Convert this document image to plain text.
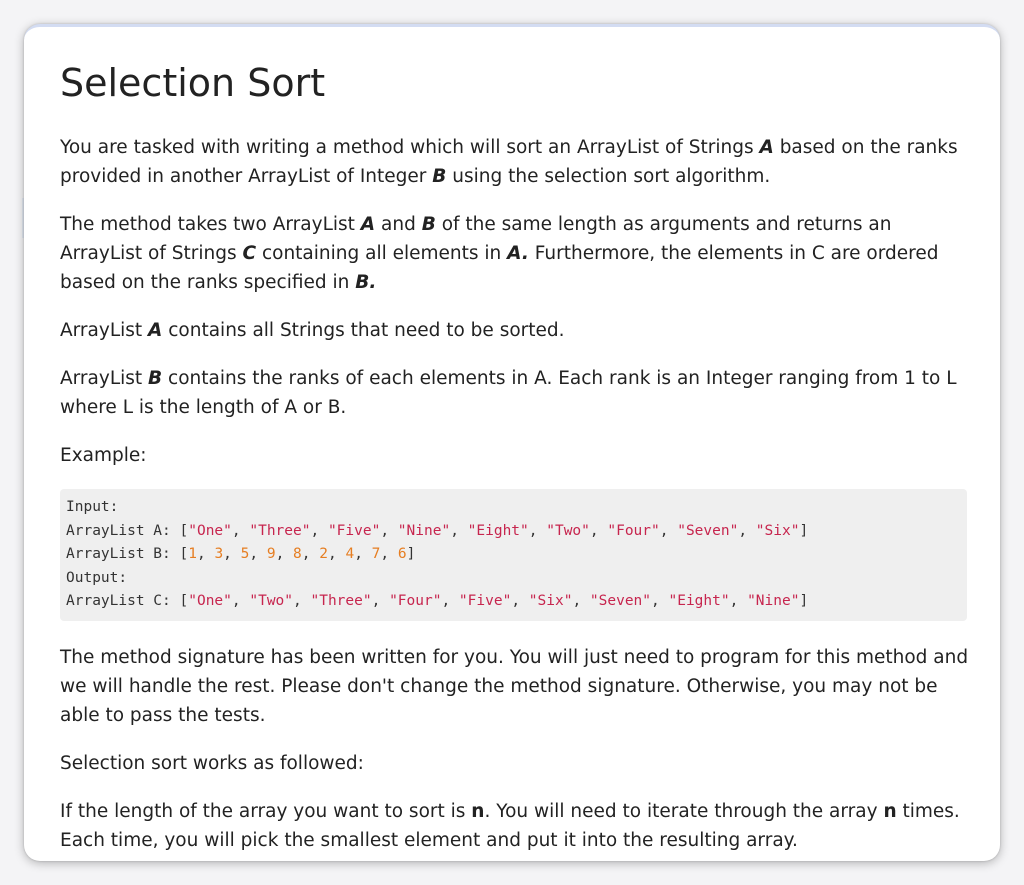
Selection Sort

You are tasked with writing a method which will sort an ArrayList of Strings A based on the ranks provided in another ArrayList of Integer B using the selection sort algorithm.

The method takes two ArrayList A and B of the same length as arguments and returns an ArrayList of Strings C containing all elements in A. Furthermore, the elements in C are ordered based on the ranks specified in B.

ArrayList A contains all Strings that need to be sorted.

ArrayList B contains the ranks of each elements in A. Each rank is an Integer ranging from 1 to L where L is the length of A or B.

Example:

Input:
ArrayList A: ["One", "Three", "Five", "Nine", "Eight", "Two", "Four", "Seven", "Six"]
ArrayList B: [1, 3, 5, 9, 8, 2, 4, 7, 6]
Output:
ArrayList C: ["One", "Two", "Three", "Four", "Five", "Six", "Seven", "Eight", "Nine"]

The method signature has been written for you. You will just need to program for this method and we will handle the rest. Please don't change the method signature. Otherwise, you may not be able to pass the tests.

Selection sort works as followed:

If the length of the array you want to sort is n. You will need to iterate through the array n times. Each time, you will pick the smallest element and put it into the resulting array.
